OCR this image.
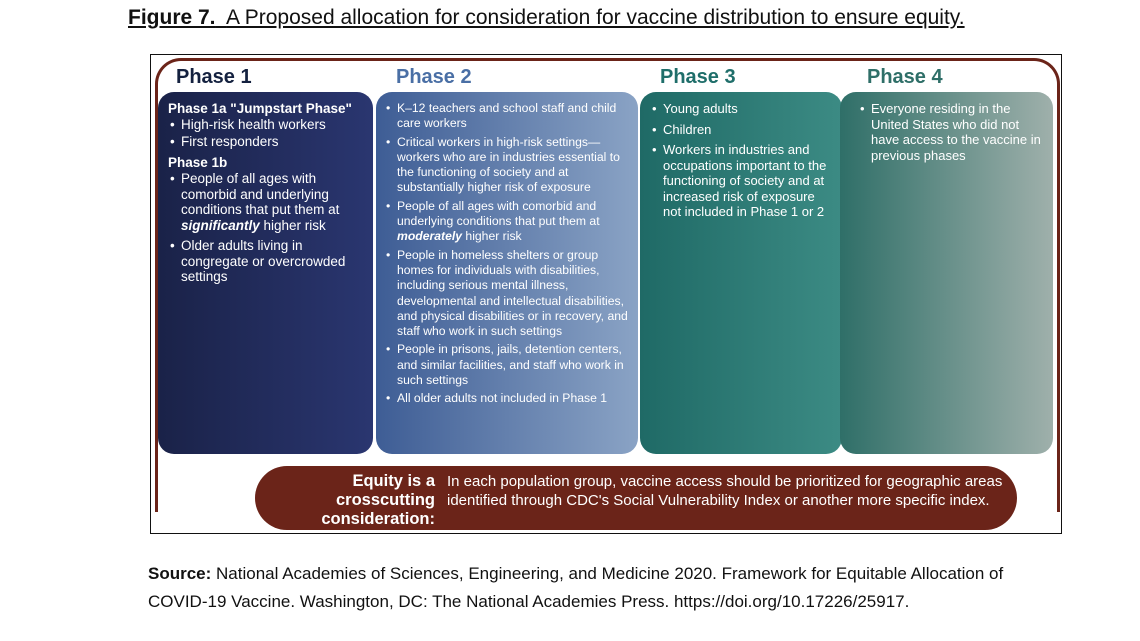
Figure 7. A Proposed allocation for consideration for vaccine distribution to ensure equity.
Phase 1	Phase 2	Phase 3	Phase 4

Phase 1a "Jumpstart Phase"

• High-risk health workers
• First responders

Phase 1b

• People of all ages with comorbid and underlying conditions that put them at significantly higher risk
• Older adults living in congregate or overcrowded settings
• K–12 teachers and school staff and child care workers
• Critical workers in high-risk settings—workers who are in industries essential to the functioning of society and at substantially higher risk of exposure
• People of all ages with comorbid and underlying conditions that put them at moderately higher risk
• People in homeless shelters or group homes for individuals with disabilities, including serious mental illness, developmental and intellectual disabilities, and physical disabilities or in recovery, and staff who work in such settings
• People in prisons, jails, detention centers, and similar facilities, and staff who work in such settings
• All older adults not included in Phase 1
• Young adults
• Children
• Workers in industries and occupations important to the functioning of society and at increased risk of exposure not included in Phase 1 or 2
• Everyone residing in the United States who did not have access to the vaccine in previous phases
Equity is a
crosscutting
consideration:
In each population group, vaccine access should be prioritized for geographic areas identified through CDC's Social Vulnerability Index or another more specific index.
Source: National Academies of Sciences, Engineering, and Medicine 2020. Framework for Equitable Allocation of COVID-19 Vaccine. Washington, DC: The National Academies Press. https://doi.org/10.17226/25917.
